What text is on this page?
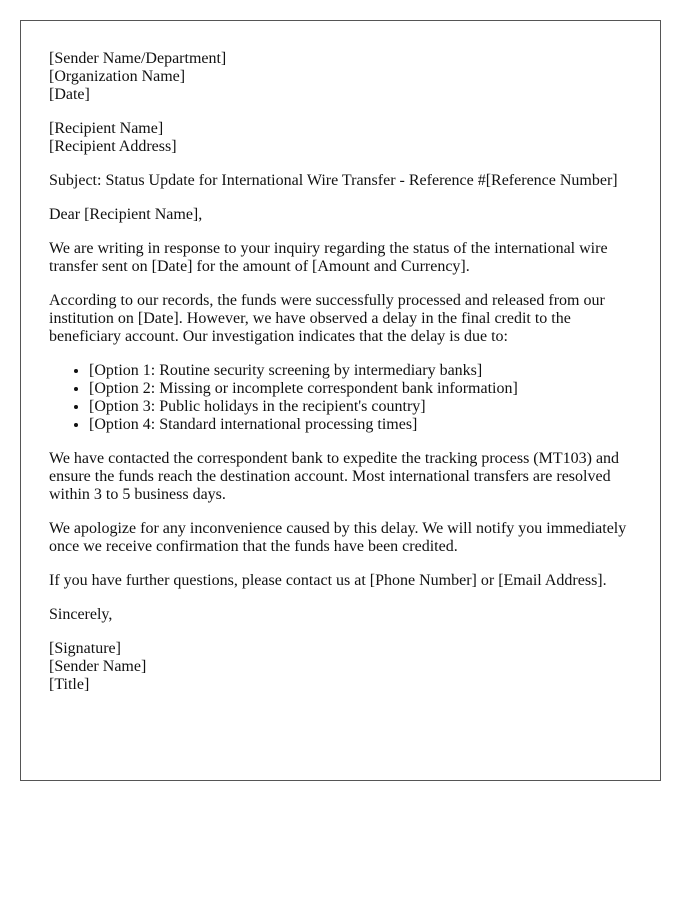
[Sender Name/Department]
[Organization Name]
[Date]

[Recipient Name]
[Recipient Address]

Subject: Status Update for International Wire Transfer - Reference #[Reference Number]

Dear [Recipient Name],

We are writing in response to your inquiry regarding the status of the international wire transfer sent on [Date] for the amount of [Amount and Currency].

According to our records, the funds were successfully processed and released from our institution on [Date]. However, we have observed a delay in the final credit to the beneficiary account. Our investigation indicates that the delay is due to:

• [Option 1: Routine security screening by intermediary banks]
• [Option 2: Missing or incomplete correspondent bank information]
• [Option 3: Public holidays in the recipient's country]
• [Option 4: Standard international processing times]

We have contacted the correspondent bank to expedite the tracking process (MT103) and ensure the funds reach the destination account. Most international transfers are resolved within 3 to 5 business days.

We apologize for any inconvenience caused by this delay. We will notify you immediately once we receive confirmation that the funds have been credited.

If you have further questions, please contact us at [Phone Number] or [Email Address].

Sincerely,

[Signature]
[Sender Name]
[Title]
